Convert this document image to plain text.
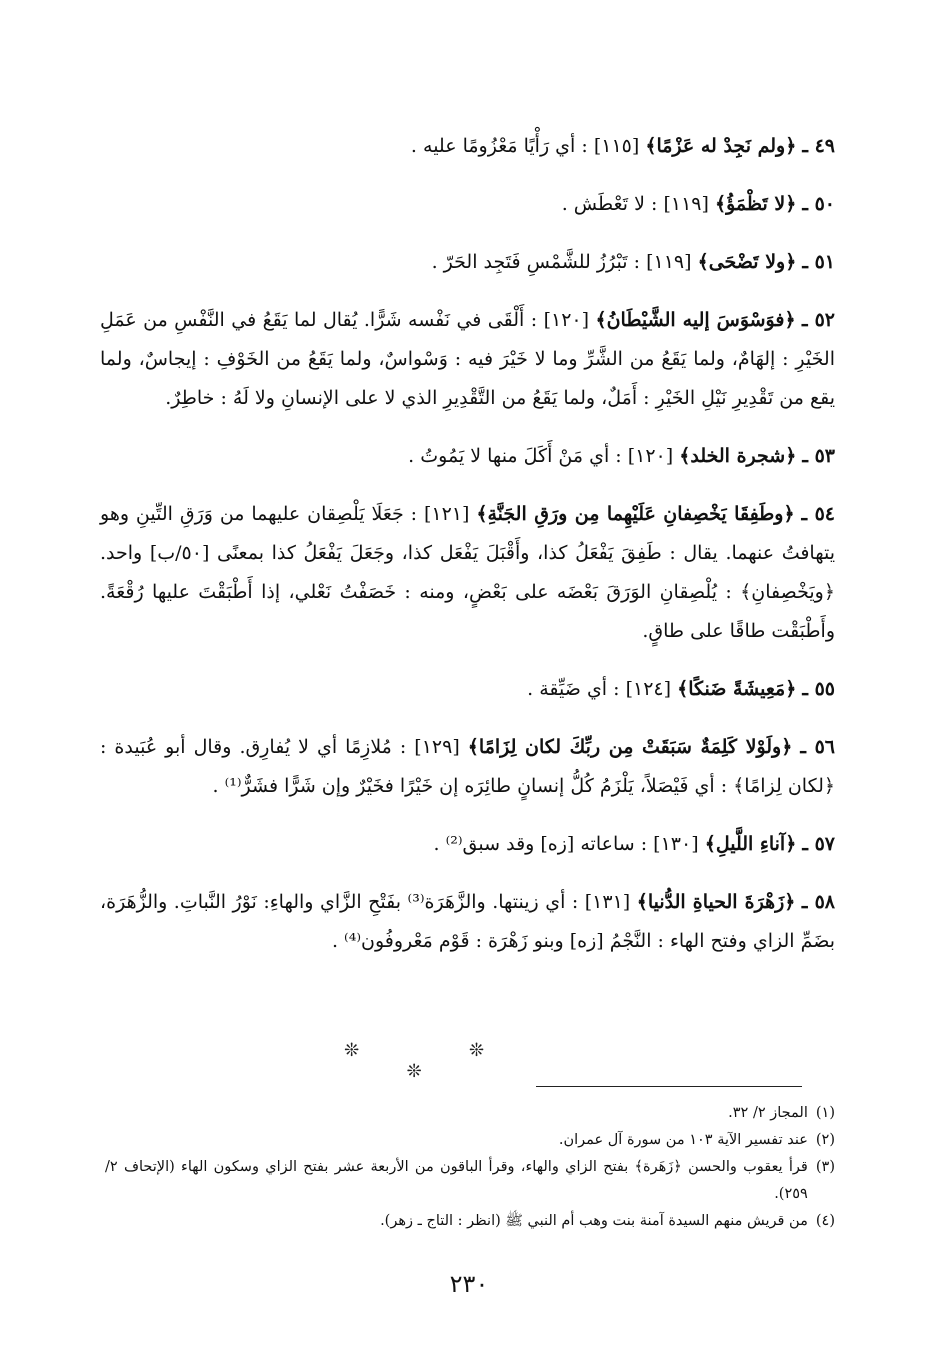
٤٩ ـ ﴿ولم نَجِدْ له عَزْمًا﴾ [١١٥] : أي رَأْيًا مَعْزُومًا عليه .

٥٠ ـ ﴿لا تَظْمَؤُ﴾ [١١٩] : لا تَعْطَش .

٥١ ـ ﴿ولا تَضْحَى﴾ [١١٩] : تَبْرُزُ للشَّمْسِ فَتَجِد الحَرّ .

٥٢ ـ ﴿فوَسْوَسَ إليه الشَّيْطَانُ﴾ [١٢٠] : أَلْقَى في نَفْسه شَرًّا. يُقال لما يَقَعُ في النَّفْسِ من عَمَلِ الخَيْرِ : إلهَامٌ، ولما يَقَعُ من الشَّرِّ وما لا خَيْرَ فيه : وَسْواسٌ، ولما يَقَعُ من الخَوْفِ : إيجاسٌ، ولما يقع من تَقْدِيرِ نَيْلِ الخَيْرِ : أَمَلٌ، ولما يَقَعُ من التَّقْدِيرِ الذي لا على الإنسانِ ولا لَهُ : خاطِرٌ.

٥٣ ـ ﴿شجرة الخلد﴾ [١٢٠] : أي مَنْ أَكَلَ منها لا يَمُوتُ .

٥٤ ـ ﴿وطَفِقَا يَخْصِفانِ عَلَيْهِما مِن ورَقِ الجَنَّةِ﴾ [١٢١] : جَعَلَا يَلْصِقان عليهما من وَرَقِ التِّينِ وهو يتهافتُ عنهما. يقال : طَفِقَ يَفْعَلُ كذا، وأَقْبَلَ يَفْعَل كذا، وجَعَلَ يَفْعَلُ كذا بمعنًى [٥٠/ب] واحد. ﴿ويَخْصِفانِ﴾ : يُلْصِقانِ الوَرَقَ بَعْضَه على بَعْضٍ، ومنه : خَصَفْتُ نَعْلي، إذا أَطْبَقْتَ عليها رُقْعَةً. وأَطْبَقْت طاقًا على طاقٍ.

٥٥ ـ ﴿مَعِيشَةً ضَنكًا﴾ [١٢٤] : أي ضَيِّقة .

٥٦ ـ ﴿ولَوْلا كَلِمَةٌ سَبَقَتْ مِن ربِّكَ لكان لِزَامًا﴾ [١٢٩] : مُلازِمًا أي لا يُفارِق. وقال أبو عُبَيدة : ﴿لكان لِزامًا﴾ : أي فَيْصَلاً، يَلْزَمُ كُلُّ إنسانٍ طائِرَه إن خَيْرًا فخَيْرٌ وإن شَرًّا فشَرٌّ⁽¹⁾ .

٥٧ ـ ﴿آناءِ اللَّيلِ﴾ [١٣٠] : ساعاته [زه] وقد سبق⁽²⁾ .

٥٨ ـ ﴿زَهْرَةَ الحياةِ الدُّنيا﴾ [١٣١] : أي زينتها. والزَّهَرَة⁽³⁾ بفَتْحِ الزَّاي والهاءِ: نَوْرُ النَّباتِ. والزُّهَرَة، بضَمِّ الزاي وفتح الهاء : النَّجْمُ [زه] وبنو زَهْرَة : قَوْم مَعْروفُون⁽⁴⁾ .

❊ ❊ ❊
(١)
المجاز ٢/ ٣٢.
(٢)
عند تفسير الآية ١٠٣ من سورة آل عمران.
(٣)
قرأ يعقوب والحسن ﴿زَهَرة﴾ بفتح الزاي والهاء، وقرأ الباقون من الأربعة عشر بفتح الزاي وسكون الهاء (الإتحاف ٢/ ٢٥٩).
(٤)
من قريش منهم السيدة آمنة بنت وهب أم النبي ﷺ (انظر : التاج ـ زهر).
٢٣٠
